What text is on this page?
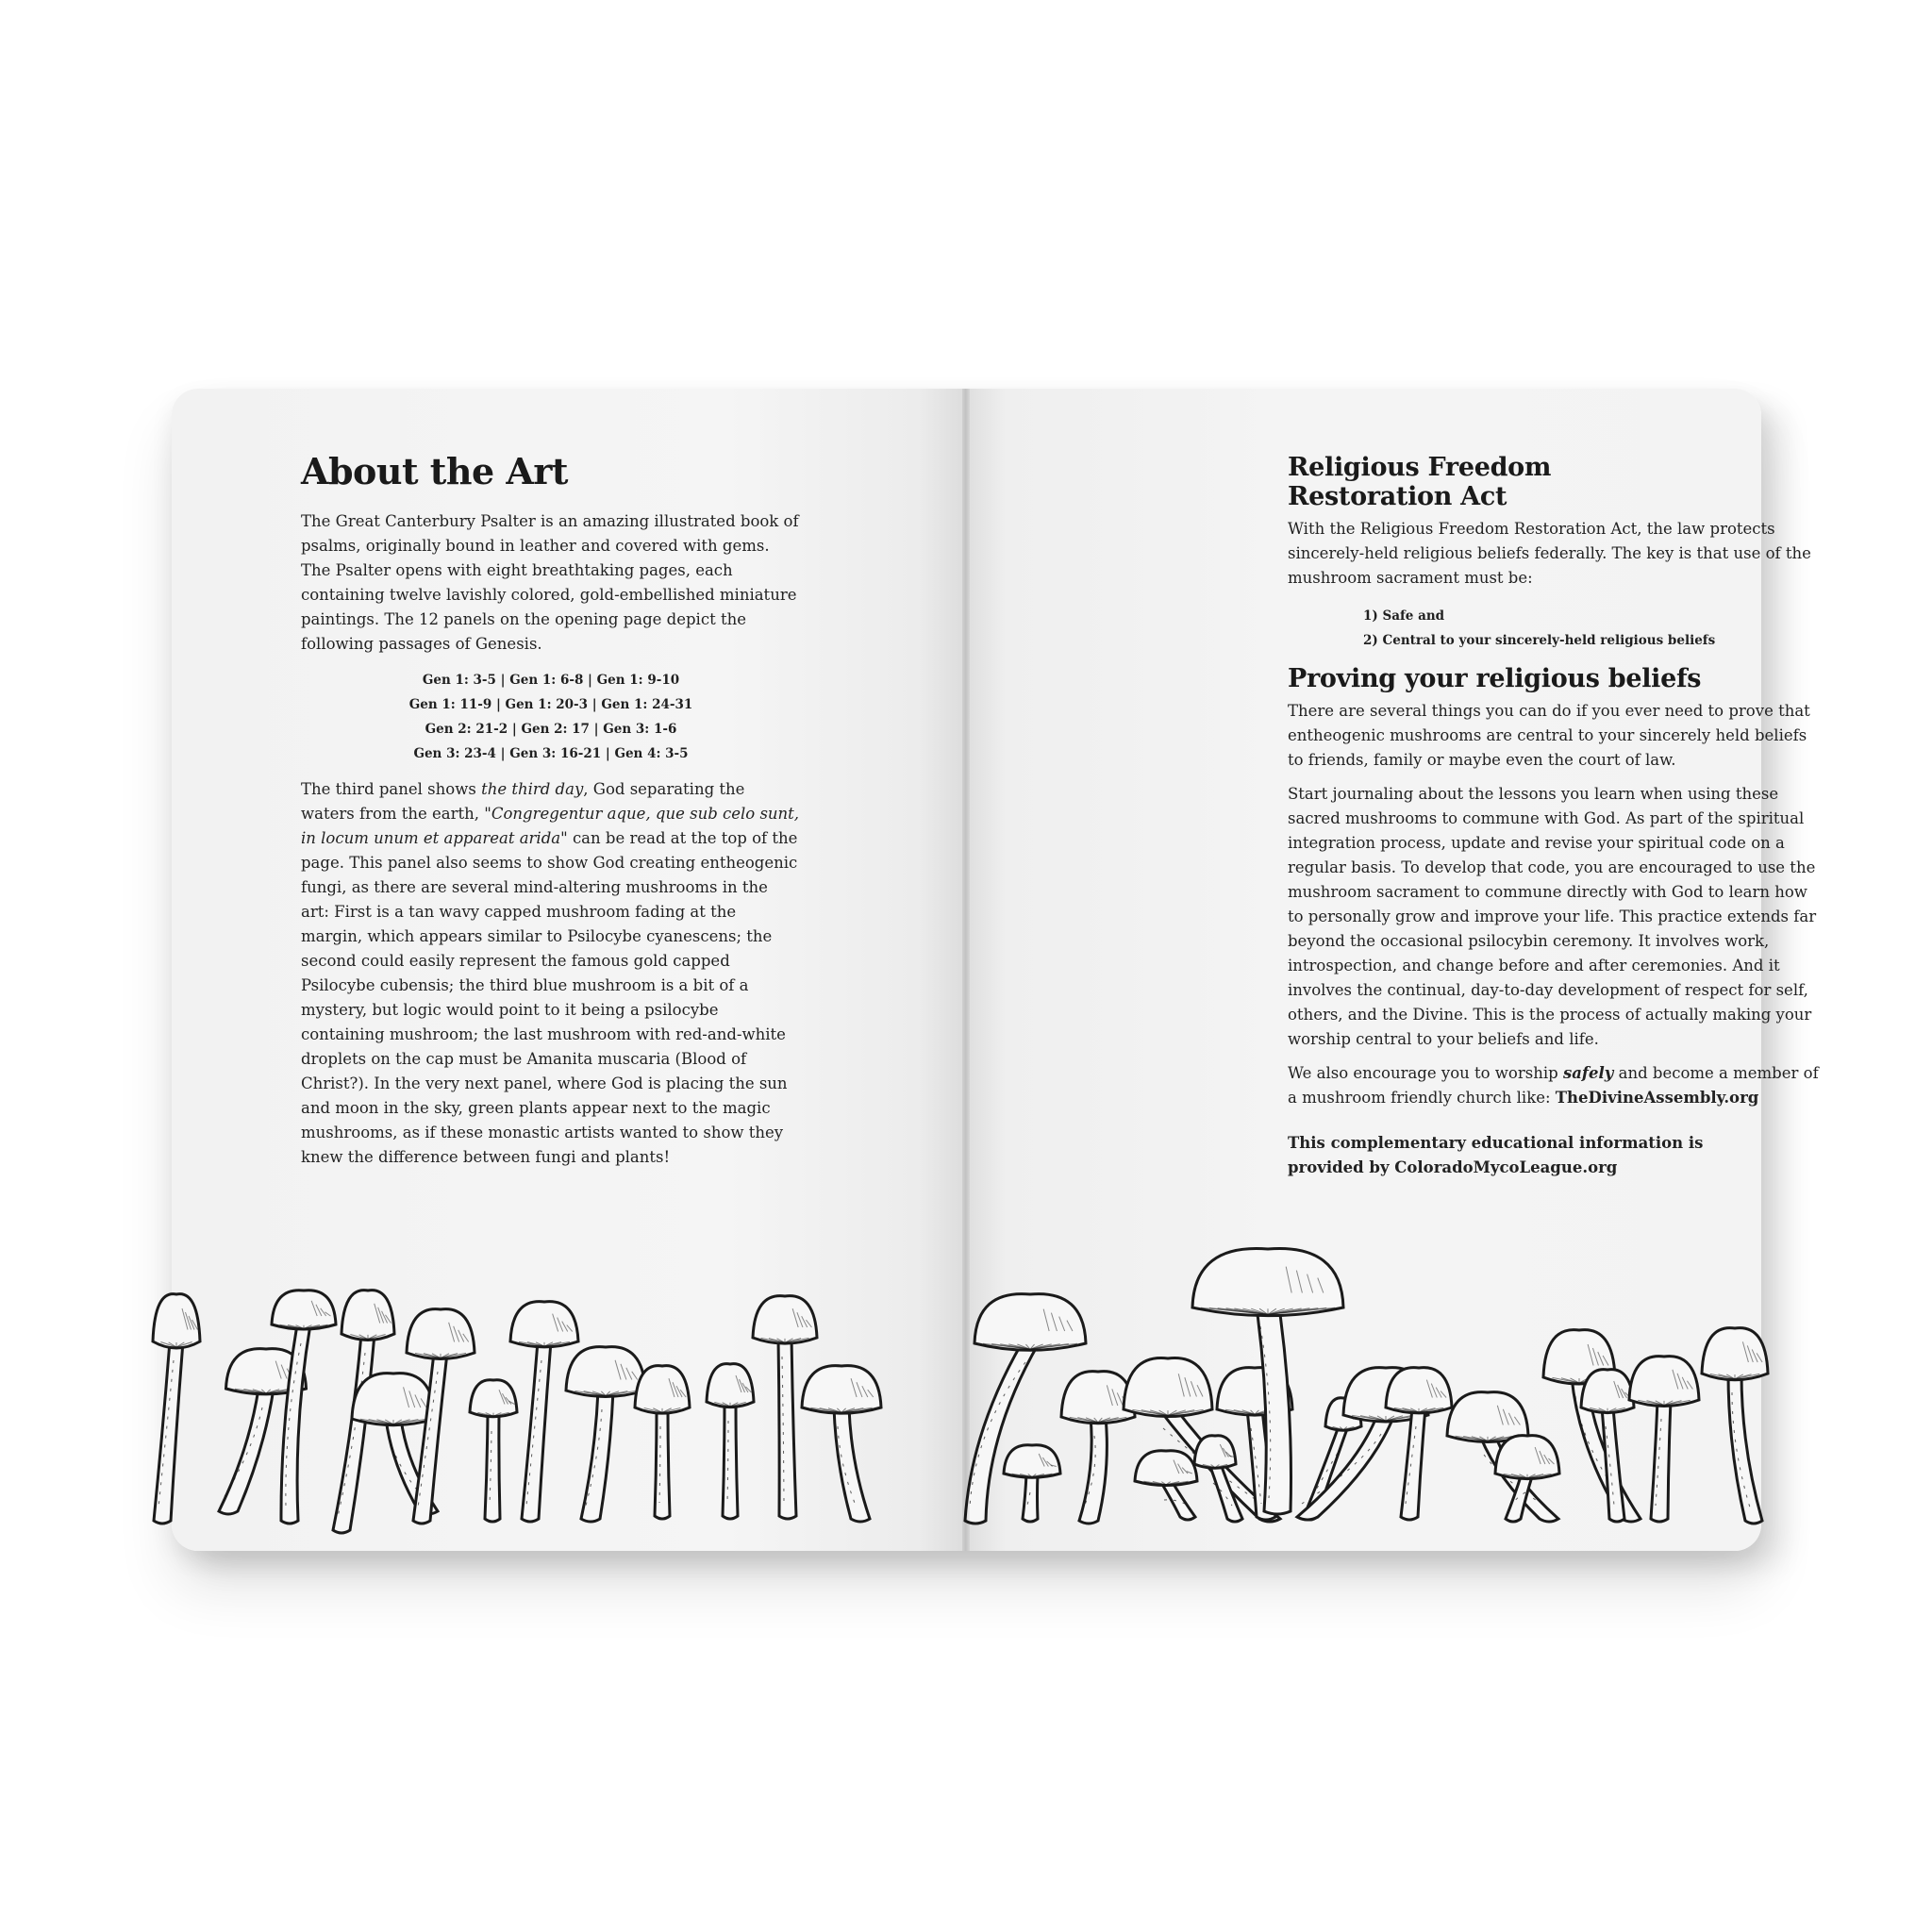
About the Art

The Great Canterbury Psalter is an amazing illustrated book of psalms, originally bound in leather and covered with gems. The Psalter opens with eight breathtaking pages, each containing twelve lavishly colored, gold-embellished miniature paintings. The 12 panels on the opening page depict the following passages of Genesis.

Gen 1: 3-5 | Gen 1: 6-8 | Gen 1: 9-10
Gen 1: 11-9 | Gen 1: 20-3 | Gen 1: 24-31
Gen 2: 21-2 | Gen 2: 17 | Gen 3: 1-6
Gen 3: 23-4 | Gen 3: 16-21 | Gen 4: 3-5

The third panel shows the third day, God separating the waters from the earth, "Congregentur aque, que sub celo sunt, in locum unum et appareat arida" can be read at the top of the page. This panel also seems to show God creating entheogenic fungi, as there are several mind-altering mushrooms in the art: First is a tan wavy capped mushroom fading at the margin, which appears similar to Psilocybe cyanescens; the second could easily represent the famous gold capped Psilocybe cubensis; the third blue mushroom is a bit of a mystery, but logic would point to it being a psilocybe containing mushroom; the last mushroom with red-and-white droplets on the cap must be Amanita muscaria (Blood of Christ?). In the very next panel, where God is placing the sun and moon in the sky, green plants appear next to the magic mushrooms, as if these monastic artists wanted to show they knew the difference between fungi and plants!

Religious Freedom
Restoration Act

With the Religious Freedom Restoration Act, the law protects sincerely-held religious beliefs federally. The key is that use of the mushroom sacrament must be:

1) Safe and
2) Central to your sincerely-held religious beliefs
Proving your religious beliefs

There are several things you can do if you ever need to prove that entheogenic mushrooms are central to your sincerely held beliefs to friends, family or maybe even the court of law.

Start journaling about the lessons you learn when using these sacred mushrooms to commune with God. As part of the spiritual integration process, update and revise your spiritual code on a regular basis. To develop that code, you are encouraged to use the mushroom sacrament to commune directly with God to learn how to personally grow and improve your life. This practice extends far beyond the occasional psilocybin ceremony. It involves work, introspection, and change before and after ceremonies. And it involves the continual, day-to-day development of respect for self, others, and the Divine. This is the process of actually making your worship central to your beliefs and life.

We also encourage you to worship safely and become a member of a mushroom friendly church like: TheDivineAssembly.org

This complementary educational information is
provided by ColoradoMycoLeague.org
